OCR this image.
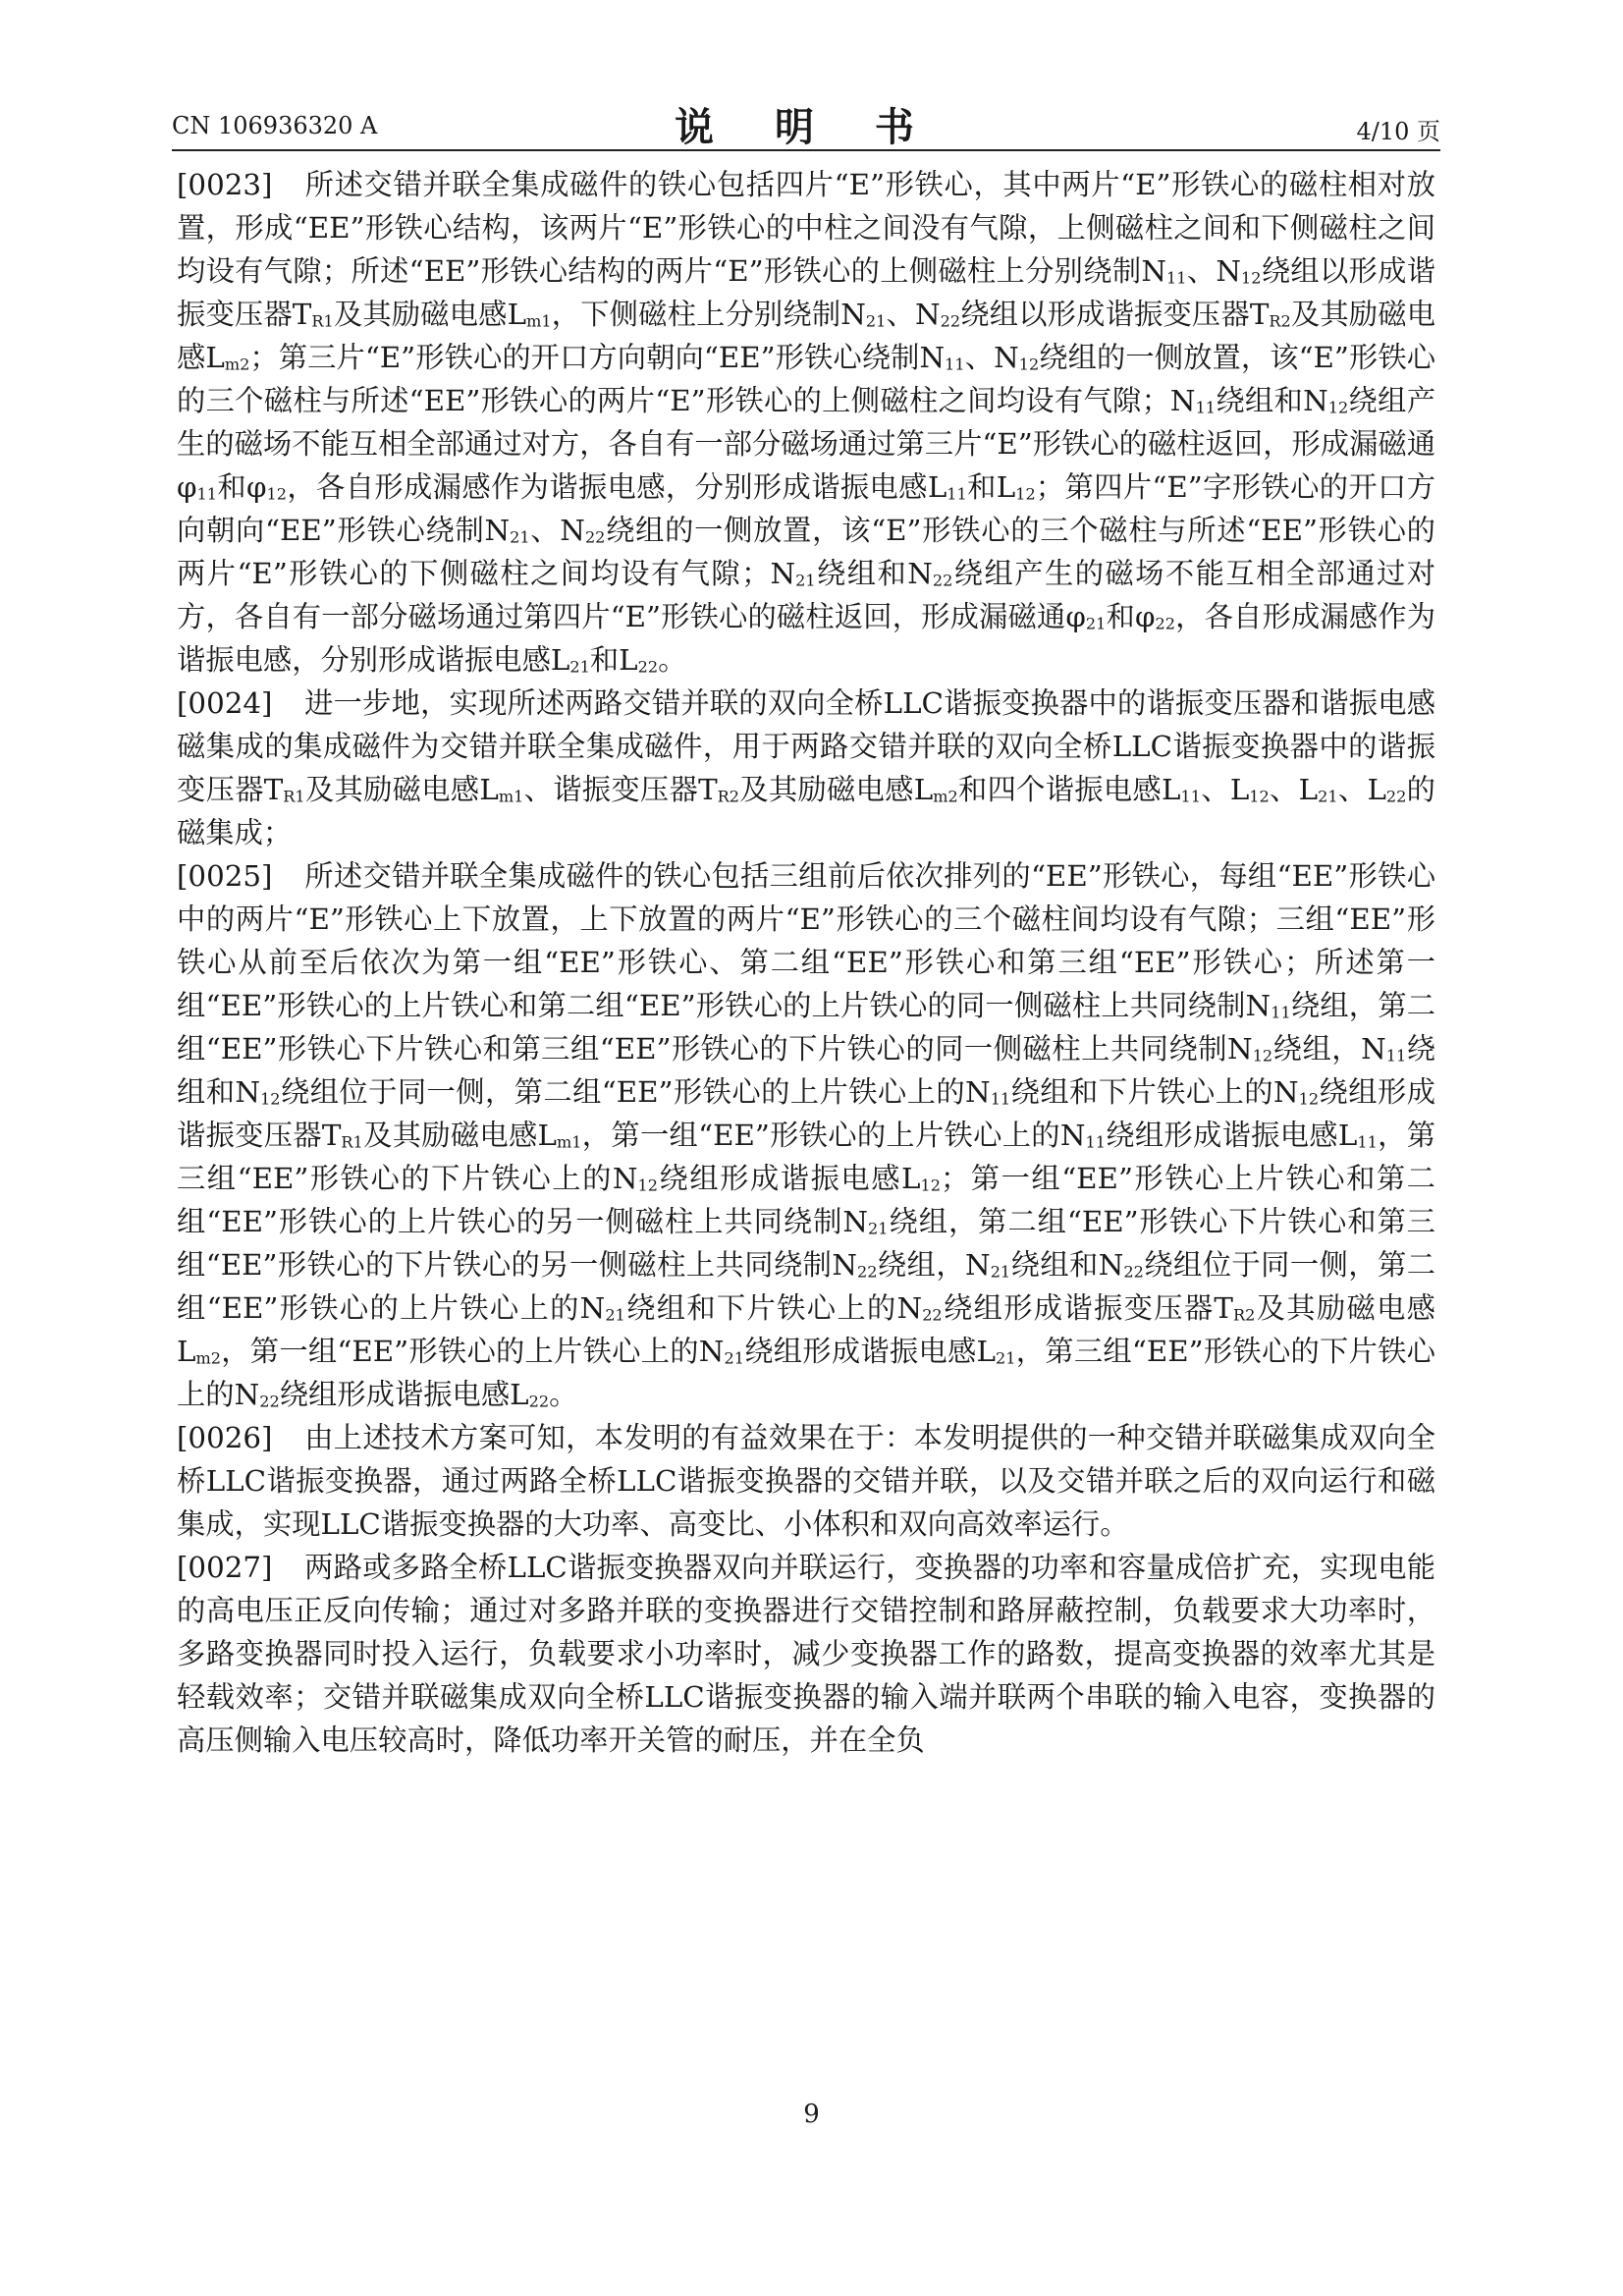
CN 106936320 A	说 明 书	4/10 页

[0023] 所述交错并联全集成磁件的铁心包括四片“E”形铁心，其中两片“E”形铁心的磁柱相对放置，形成“EE”形铁心结构，该两片“E”形铁心的中柱之间没有气隙，上侧磁柱之间和下侧磁柱之间均设有气隙；所述“EE”形铁心结构的两片“E”形铁心的上侧磁柱上分别绕制$N_{11}$、$N_{12}$绕组以形成谐振变压器$T_{R1}$及其励磁电感$L_{m1}$，下侧磁柱上分别绕制$N_{21}$、$N_{22}$绕组以形成谐振变压器$T_{R2}$及其励磁电感$L_{m2}$；第三片“E”形铁心的开口方向朝向“EE”形铁心绕制$N_{11}$、$N_{12}$绕组的一侧放置，该“E”形铁心的三个磁柱与所述“EE”形铁心的两片“E”形铁心的上侧磁柱之间均设有气隙；$N_{11}$绕组和$N_{12}$绕组产生的磁场不能互相全部通过对方，各自有一部分磁场通过第三片“E”形铁心的磁柱返回，形成漏磁通$\varphi_{11}$和$\varphi_{12}$，各自形成漏感作为谐振电感，分别形成谐振电感$L_{11}$和$L_{12}$；第四片“E”字形铁心的开口方向朝向“EE”形铁心绕制$N_{21}$、$N_{22}$绕组的一侧放置，该“E”形铁心的三个磁柱与所述“EE”形铁心的两片“E”形铁心的下侧磁柱之间均设有气隙；$N_{21}$绕组和$N_{22}$绕组产生的磁场不能互相全部通过对方，各自有一部分磁场通过第四片“E”形铁心的磁柱返回，形成漏磁通$\varphi_{21}$和$\varphi_{22}$，各自形成漏感作为谐振电感，分别形成谐振电感$L_{21}$和$L_{22}$。

[0024] 进一步地，实现所述两路交错并联的双向全桥LLC谐振变换器中的谐振变压器和谐振电感磁集成的集成磁件为交错并联全集成磁件，用于两路交错并联的双向全桥LLC谐振变换器中的谐振变压器$T_{R1}$及其励磁电感$L_{m1}$、谐振变压器$T_{R2}$及其励磁电感$L_{m2}$和四个谐振电感$L_{11}$、$L_{12}$、$L_{21}$、$L_{22}$的磁集成；

[0025] 所述交错并联全集成磁件的铁心包括三组前后依次排列的“EE”形铁心，每组“EE”形铁心中的两片“E”形铁心上下放置，上下放置的两片“E”形铁心的三个磁柱间均设有气隙；三组“EE”形铁心从前至后依次为第一组“EE”形铁心、第二组“EE”形铁心和第三组“EE”形铁心；所述第一组“EE”形铁心的上片铁心和第二组“EE”形铁心的上片铁心的同一侧磁柱上共同绕制$N_{11}$绕组，第二组“EE”形铁心下片铁心和第三组“EE”形铁心的下片铁心的同一侧磁柱上共同绕制$N_{12}$绕组，$N_{11}$绕组和$N_{12}$绕组位于同一侧，第二组“EE”形铁心的上片铁心上的$N_{11}$绕组和下片铁心上的$N_{12}$绕组形成谐振变压器$T_{R1}$及其励磁电感$L_{m1}$，第一组“EE”形铁心的上片铁心上的$N_{11}$绕组形成谐振电感$L_{11}$，第三组“EE”形铁心的下片铁心上的$N_{12}$绕组形成谐振电感$L_{12}$；第一组“EE”形铁心上片铁心和第二组“EE”形铁心的上片铁心的另一侧磁柱上共同绕制$N_{21}$绕组，第二组“EE”形铁心下片铁心和第三组“EE”形铁心的下片铁心的另一侧磁柱上共同绕制$N_{22}$绕组，$N_{21}$绕组和$N_{22}$绕组位于同一侧，第二组“EE”形铁心的上片铁心上的$N_{21}$绕组和下片铁心上的$N_{22}$绕组形成谐振变压器$T_{R2}$及其励磁电感$L_{m2}$，第一组“EE”形铁心的上片铁心上的$N_{21}$绕组形成谐振电感$L_{21}$，第三组“EE”形铁心的下片铁心上的$N_{22}$绕组形成谐振电感$L_{22}$。

[0026] 由上述技术方案可知，本发明的有益效果在于：本发明提供的一种交错并联磁集成双向全桥LLC谐振变换器，通过两路全桥LLC谐振变换器的交错并联，以及交错并联之后的双向运行和磁集成，实现LLC谐振变换器的大功率、高变比、小体积和双向高效率运行。

[0027] 两路或多路全桥LLC谐振变换器双向并联运行，变换器的功率和容量成倍扩充，实现电能的高电压正反向传输；通过对多路并联的变换器进行交错控制和路屏蔽控制，负载要求大功率时，多路变换器同时投入运行，负载要求小功率时，减少变换器工作的路数，提高变换器的效率尤其是轻载效率；交错并联磁集成双向全桥LLC谐振变换器的输入端并联两个串联的输入电容，变换器的高压侧输入电压较高时，降低功率开关管的耐压，并在全负

9
